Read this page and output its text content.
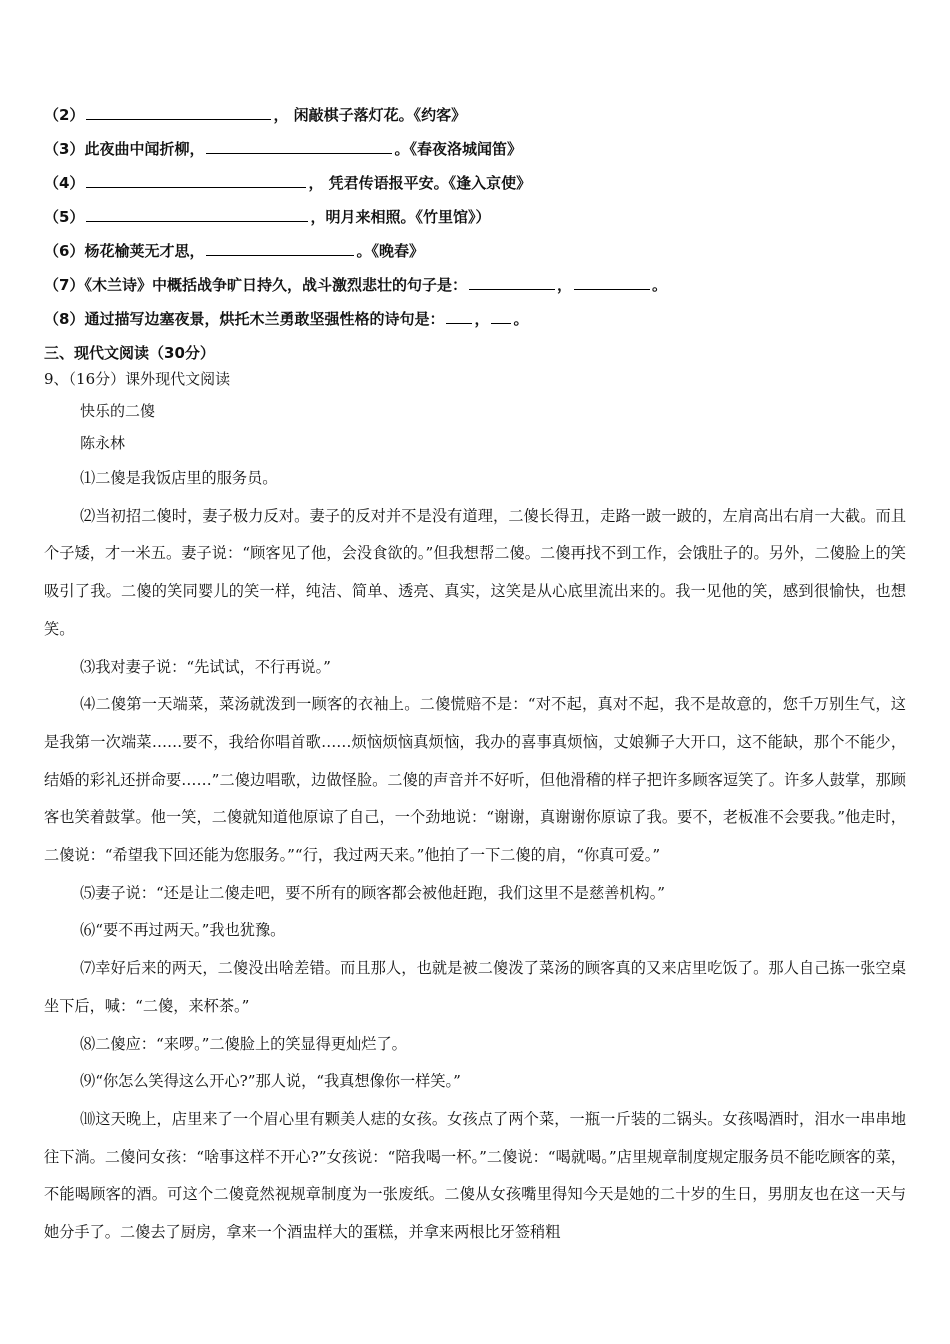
（2）	， 闲敲棋子落灯花。《约客》
（3）此夜曲中闻折柳，	。《春夜洛城闻笛》
（4）	， 凭君传语报平安。《逢入京使》
（5）	，明月来相照。《竹里馆》）
（6）杨花榆荚无才思，	。《晚春》
（7）《木兰诗》中概括战争旷日持久，战斗激烈悲壮的句子是：	，	。
（8）通过描写边塞夜景，烘托木兰勇敢坚强性格的诗句是： ， 。
三、现代文阅读（30分）
9、（16分）课外现代文阅读
快乐的二傻
陈永林

⑴二傻是我饭店里的服务员。

⑵当初招二傻时，妻子极力反对。妻子的反对并不是没有道理，二傻长得丑，走路一跛一跛的，左肩高出右肩一大截。而且个子矮，才一米五。妻子说：“顾客见了他，会没食欲的。”但我想帮二傻。二傻再找不到工作，会饿肚子的。另外，二傻脸上的笑吸引了我。二傻的笑同婴儿的笑一样，纯洁、简单、透亮、真实，这笑是从心底里流出来的。我一见他的笑，感到很愉快，也想笑。

⑶我对妻子说：“先试试，不行再说。”

⑷二傻第一天端菜，菜汤就泼到一顾客的衣袖上。二傻慌赔不是：“对不起，真对不起，我不是故意的，您千万别生气，这是我第一次端菜……要不，我给你唱首歌……烦恼烦恼真烦恼，我办的喜事真烦恼，丈娘狮子大开口，这不能缺，那个不能少，结婚的彩礼还拼命要……”二傻边唱歌，边做怪脸。二傻的声音并不好听，但他滑稽的样子把许多顾客逗笑了。许多人鼓掌，那顾客也笑着鼓掌。他一笑，二傻就知道他原谅了自己，一个劲地说：“谢谢，真谢谢你原谅了我。要不，老板准不会要我。”他走时，二傻说：“希望我下回还能为您服务。”“行，我过两天来。”他拍了一下二傻的肩，“你真可爱。”

⑸妻子说：“还是让二傻走吧，要不所有的顾客都会被他赶跑，我们这里不是慈善机构。”

⑹“要不再过两天。”我也犹豫。

⑺幸好后来的两天，二傻没出啥差错。而且那人，也就是被二傻泼了菜汤的顾客真的又来店里吃饭了。那人自己拣一张空桌坐下后，喊：“二傻，来杯茶。”

⑻二傻应：“来啰。”二傻脸上的笑显得更灿烂了。

⑼“你怎么笑得这么开心?”那人说，“我真想像你一样笑。”

⑽这天晚上，店里来了一个眉心里有颗美人痣的女孩。女孩点了两个菜，一瓶一斤装的二锅头。女孩喝酒时，泪水一串串地往下淌。二傻问女孩：“啥事这样不开心?”女孩说：“陪我喝一杯。”二傻说：“喝就喝。”店里规章制度规定服务员不能吃顾客的菜，不能喝顾客的酒。可这个二傻竟然视规章制度为一张废纸。二傻从女孩嘴里得知今天是她的二十岁的生日，男朋友也在这一天与她分手了。二傻去了厨房，拿来一个酒盅样大的蛋糕，并拿来两根比牙签稍粗
